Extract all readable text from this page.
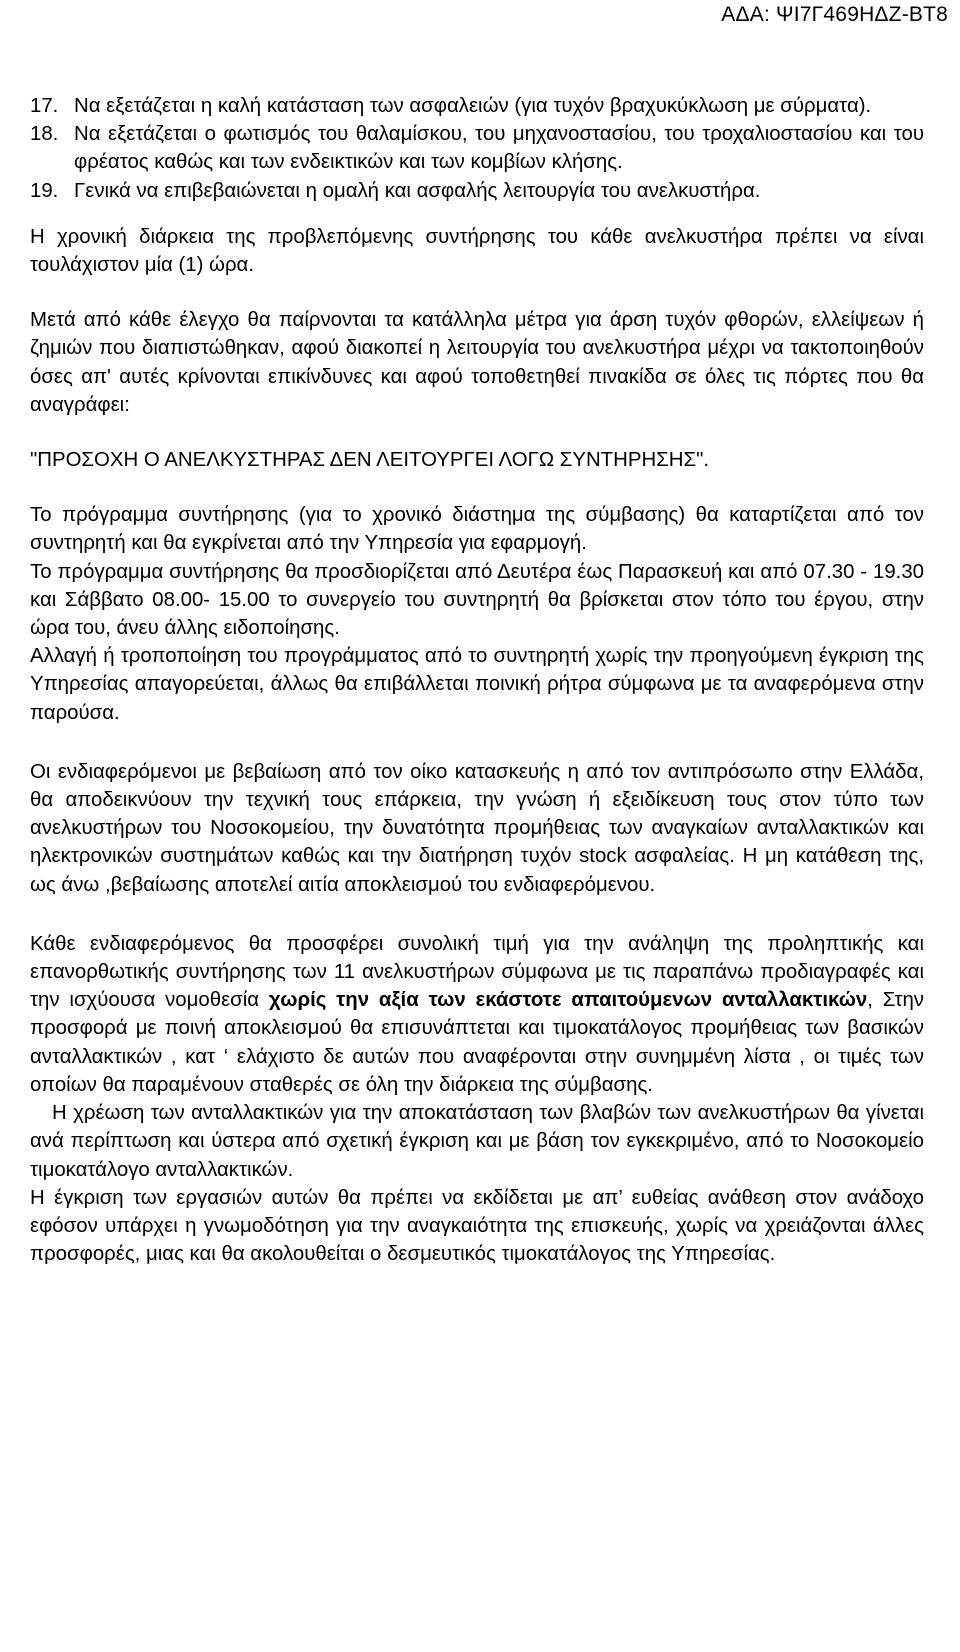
ΑΔΑ: ΨΙ7Γ469ΗΔΖ-ΒΤ8
17. Να εξετάζεται η καλή κατάσταση των ασφαλειών (για τυχόν βραχυκύκλωση με σύρματα).
18. Να εξετάζεται ο φωτισμός του θαλαμίσκου, του μηχανοστασίου, του τροχαλιοστασίου και του φρέατος καθώς και των ενδεικτικών και των κομβίων κλήσης.
19. Γενικά να επιβεβαιώνεται η ομαλή και ασφαλής λειτουργία του ανελκυστήρα.

Η χρονική διάρκεια της προβλεπόμενης συντήρησης του κάθε ανελκυστήρα πρέπει να είναι τουλάχιστον μία (1) ώρα.

Μετά από κάθε έλεγχο θα παίρνονται τα κατάλληλα μέτρα για άρση τυχόν φθορών, ελλείψεων ή ζημιών που διαπιστώθηκαν, αφού διακοπεί η λειτουργία του ανελκυστήρα μέχρι να τακτοποιηθούν όσες απ' αυτές κρίνονται επικίνδυνες και αφού τοποθετηθεί πινακίδα σε όλες τις πόρτες που θα αναγράφει:

"ΠΡΟΣΟΧΗ Ο ΑΝΕΛΚΥΣΤΗΡΑΣ ΔΕΝ ΛΕΙΤΟΥΡΓΕΙ ΛΟΓΩ ΣΥΝΤΗΡΗΣΗΣ".

Το πρόγραμμα συντήρησης (για το χρονικό διάστημα της σύμβασης) θα καταρτίζεται από τον συντηρητή και θα εγκρίνεται από την Υπηρεσία για εφαρμογή.

Το πρόγραμμα συντήρησης θα προσδιορίζεται από Δευτέρα έως Παρασκευή και από 07.30 - 19.30 και Σάββατο 08.00- 15.00 το συνεργείο του συντηρητή θα βρίσκεται στον τόπο του έργου, στην ώρα του, άνευ άλλης ειδοποίησης.

Αλλαγή ή τροποποίηση του προγράμματος από το συντηρητή χωρίς την προηγούμενη έγκριση της Υπηρεσίας απαγορεύεται, άλλως θα επιβάλλεται ποινική ρήτρα σύμφωνα με τα αναφερόμενα στην παρούσα.

Οι ενδιαφερόμενοι με βεβαίωση από τον οίκο κατασκευής η από τον αντιπρόσωπο στην Ελλάδα, θα αποδεικνύουν την τεχνική τους επάρκεια, την γνώση ή εξειδίκευση τους στον τύπο των ανελκυστήρων του Νοσοκομείου, την δυνατότητα προμήθειας των αναγκαίων ανταλλακτικών και ηλεκτρονικών συστημάτων καθώς και την διατήρηση τυχόν stock ασφαλείας. Η μη κατάθεση της, ως άνω ,βεβαίωσης αποτελεί αιτία αποκλεισμού του ενδιαφερόμενου.

Κάθε ενδιαφερόμενος θα προσφέρει συνολική τιμή για την ανάληψη της προληπτικής και επανορθωτικής συντήρησης των 11 ανελκυστήρων σύμφωνα με τις παραπάνω προδιαγραφές και την ισχύουσα νομοθεσία χωρίς την αξία των εκάστοτε απαιτούμενων ανταλλακτικών, Στην προσφορά με ποινή αποκλεισμού θα επισυνάπτεται και τιμοκατάλογος προμήθειας των βασικών ανταλλακτικών , κατ ‘ ελάχιστο δε αυτών που αναφέρονται στην συνημμένη λίστα , οι τιμές των οποίων θα παραμένουν σταθερές σε όλη την διάρκεια της σύμβασης.

Η χρέωση των ανταλλακτικών για την αποκατάσταση των βλαβών των ανελκυστήρων θα γίνεται ανά περίπτωση και ύστερα από σχετική έγκριση και με βάση τον εγκεκριμένο, από το Νοσοκομείο τιμοκατάλογο ανταλλακτικών.

Η έγκριση των εργασιών αυτών θα πρέπει να εκδίδεται με απ’ ευθείας ανάθεση στον ανάδοχο εφόσον υπάρχει η γνωμοδότηση για την αναγκαιότητα της επισκευής, χωρίς να χρειάζονται άλλες προσφορές, μιας και θα ακολουθείται ο δεσμευτικός τιμοκατάλογος της Υπηρεσίας.
